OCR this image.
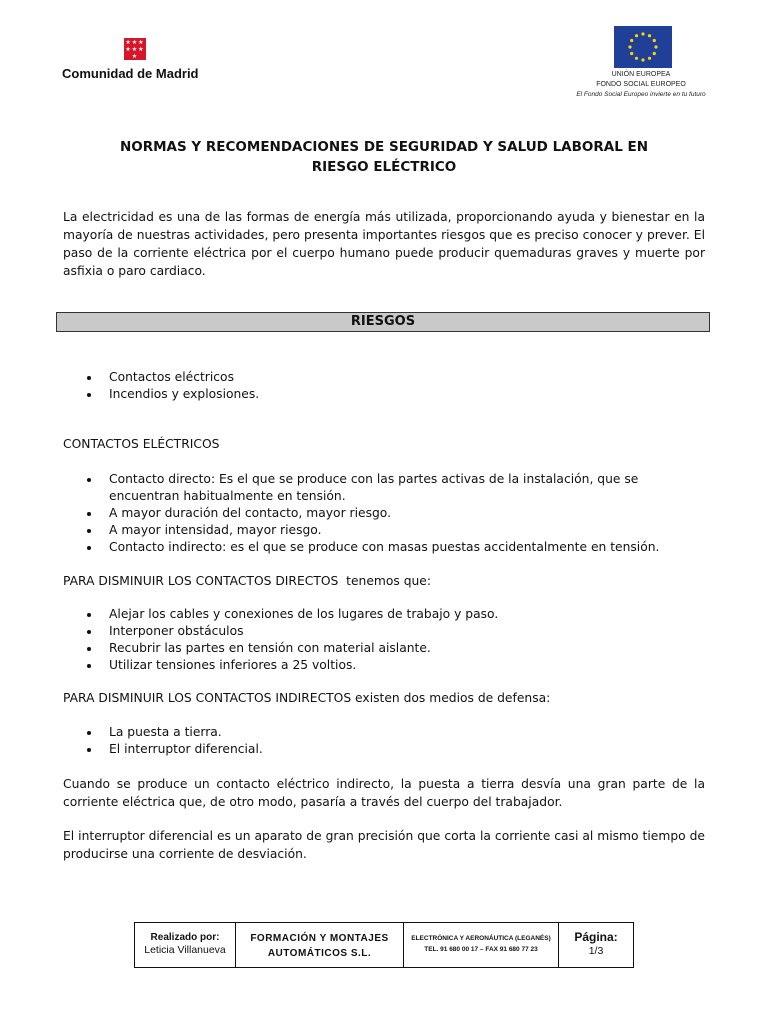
★★★
★★★
★
Comunidad de Madrid	UNIÓN EUROPEA
FONDO SOCIAL EUROPEO
El Fondo Social Europeo invierte en tu futuro
NORMAS Y RECOMENDACIONES DE SEGURIDAD Y SALUD LABORAL EN
RIESGO ELÉCTRICO
La electricidad es una de las formas de energía más utilizada, proporcionando ayuda y bienestar en la mayoría de nuestras actividades, pero presenta importantes riesgos que es preciso conocer y prever. El paso de la corriente eléctrica por el cuerpo humano puede producir quemaduras graves y muerte por asfixia o paro cardiaco.
RIESGOS
Contactos eléctricos
Incendios y explosiones.
CONTACTOS ELÉCTRICOS
Contacto directo: Es el que se produce con las partes activas de la instalación, que se encuentran habitualmente en tensión.
A mayor duración del contacto, mayor riesgo.
A mayor intensidad, mayor riesgo.
Contacto indirecto: es el que se produce con masas puestas accidentalmente en tensión.
PARA DISMINUIR LOS CONTACTOS DIRECTOS  tenemos que:
Alejar los cables y conexiones de los lugares de trabajo y paso.
Interponer obstáculos
Recubrir las partes en tensión con material aislante.
Utilizar tensiones inferiores a 25 voltios.
PARA DISMINUIR LOS CONTACTOS INDIRECTOS existen dos medios de defensa:
La puesta a tierra.
El interruptor diferencial.
Cuando se produce un contacto eléctrico indirecto, la puesta a tierra desvía una gran parte de la corriente eléctrica que, de otro modo, pasaría a través del cuerpo del trabajador.
El interruptor diferencial es un aparato de gran precisión que corta la corriente casi al mismo tiempo de producirse una corriente de desviación.
Realizado por:
Leticia Villanueva
FORMACIÓN Y MONTAJES
AUTOMÁTICOS S.L.
ELECTRÓNICA Y AERONÁUTICA (LEGANÉS)
TEL. 91 680 00 17 – FAX 91 680 77 23
Página:
1/3
